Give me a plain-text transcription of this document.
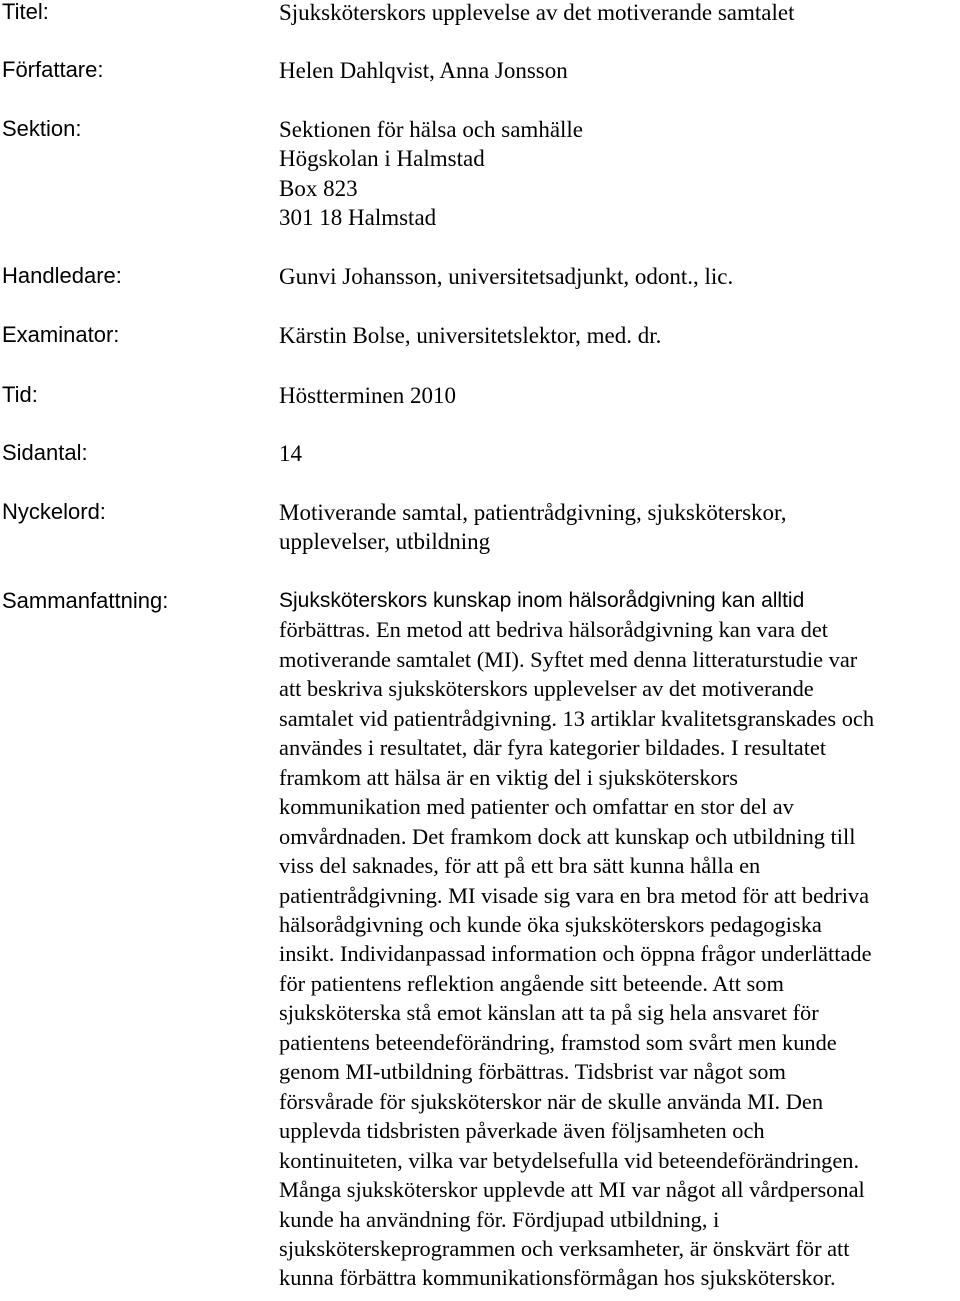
Titel:	Sjuksköterskors upplevelse av det motiverande samtalet
Författare:	Helen Dahlqvist, Anna Jonsson
Sektion:	Sektionen för hälsa och samhälle
Högskolan i Halmstad
Box 823
301 18 Halmstad
Handledare:	Gunvi Johansson, universitetsadjunkt, odont., lic.
Examinator:	Kärstin Bolse, universitetslektor, med. dr.
Tid:	Höstterminen 2010
Sidantal:	14
Nyckelord:	Motiverande samtal, patientrådgivning, sjuksköterskor,
upplevelser, utbildning
Sammanfattning:	Sjuksköterskors kunskap inom hälsorådgivning kan alltid
förbättras. En metod att bedriva hälsorådgivning kan vara det
motiverande samtalet (MI). Syftet med denna litteraturstudie var
att beskriva sjuksköterskors upplevelser av det motiverande
samtalet vid patientrådgivning. 13 artiklar kvalitetsgranskades och
användes i resultatet, där fyra kategorier bildades. I resultatet
framkom att hälsa är en viktig del i sjuksköterskors
kommunikation med patienter och omfattar en stor del av
omvårdnaden. Det framkom dock att kunskap och utbildning till
viss del saknades, för att på ett bra sätt kunna hålla en
patientrådgivning. MI visade sig vara en bra metod för att bedriva
hälsorådgivning och kunde öka sjuksköterskors pedagogiska
insikt. Individanpassad information och öppna frågor underlättade
för patientens reflektion angående sitt beteende. Att som
sjuksköterska stå emot känslan att ta på sig hela ansvaret för
patientens beteendeförändring, framstod som svårt men kunde
genom MI-utbildning förbättras. Tidsbrist var något som
försvårade för sjuksköterskor när de skulle använda MI. Den
upplevda tidsbristen påverkade även följsamheten och
kontinuiteten, vilka var betydelsefulla vid beteendeförändringen.
Många sjuksköterskor upplevde att MI var något all vårdpersonal
kunde ha användning för. Fördjupad utbildning, i
sjuksköterskeprogrammen och verksamheter, är önskvärt för att
kunna förbättra kommunikationsförmågan hos sjuksköterskor.
